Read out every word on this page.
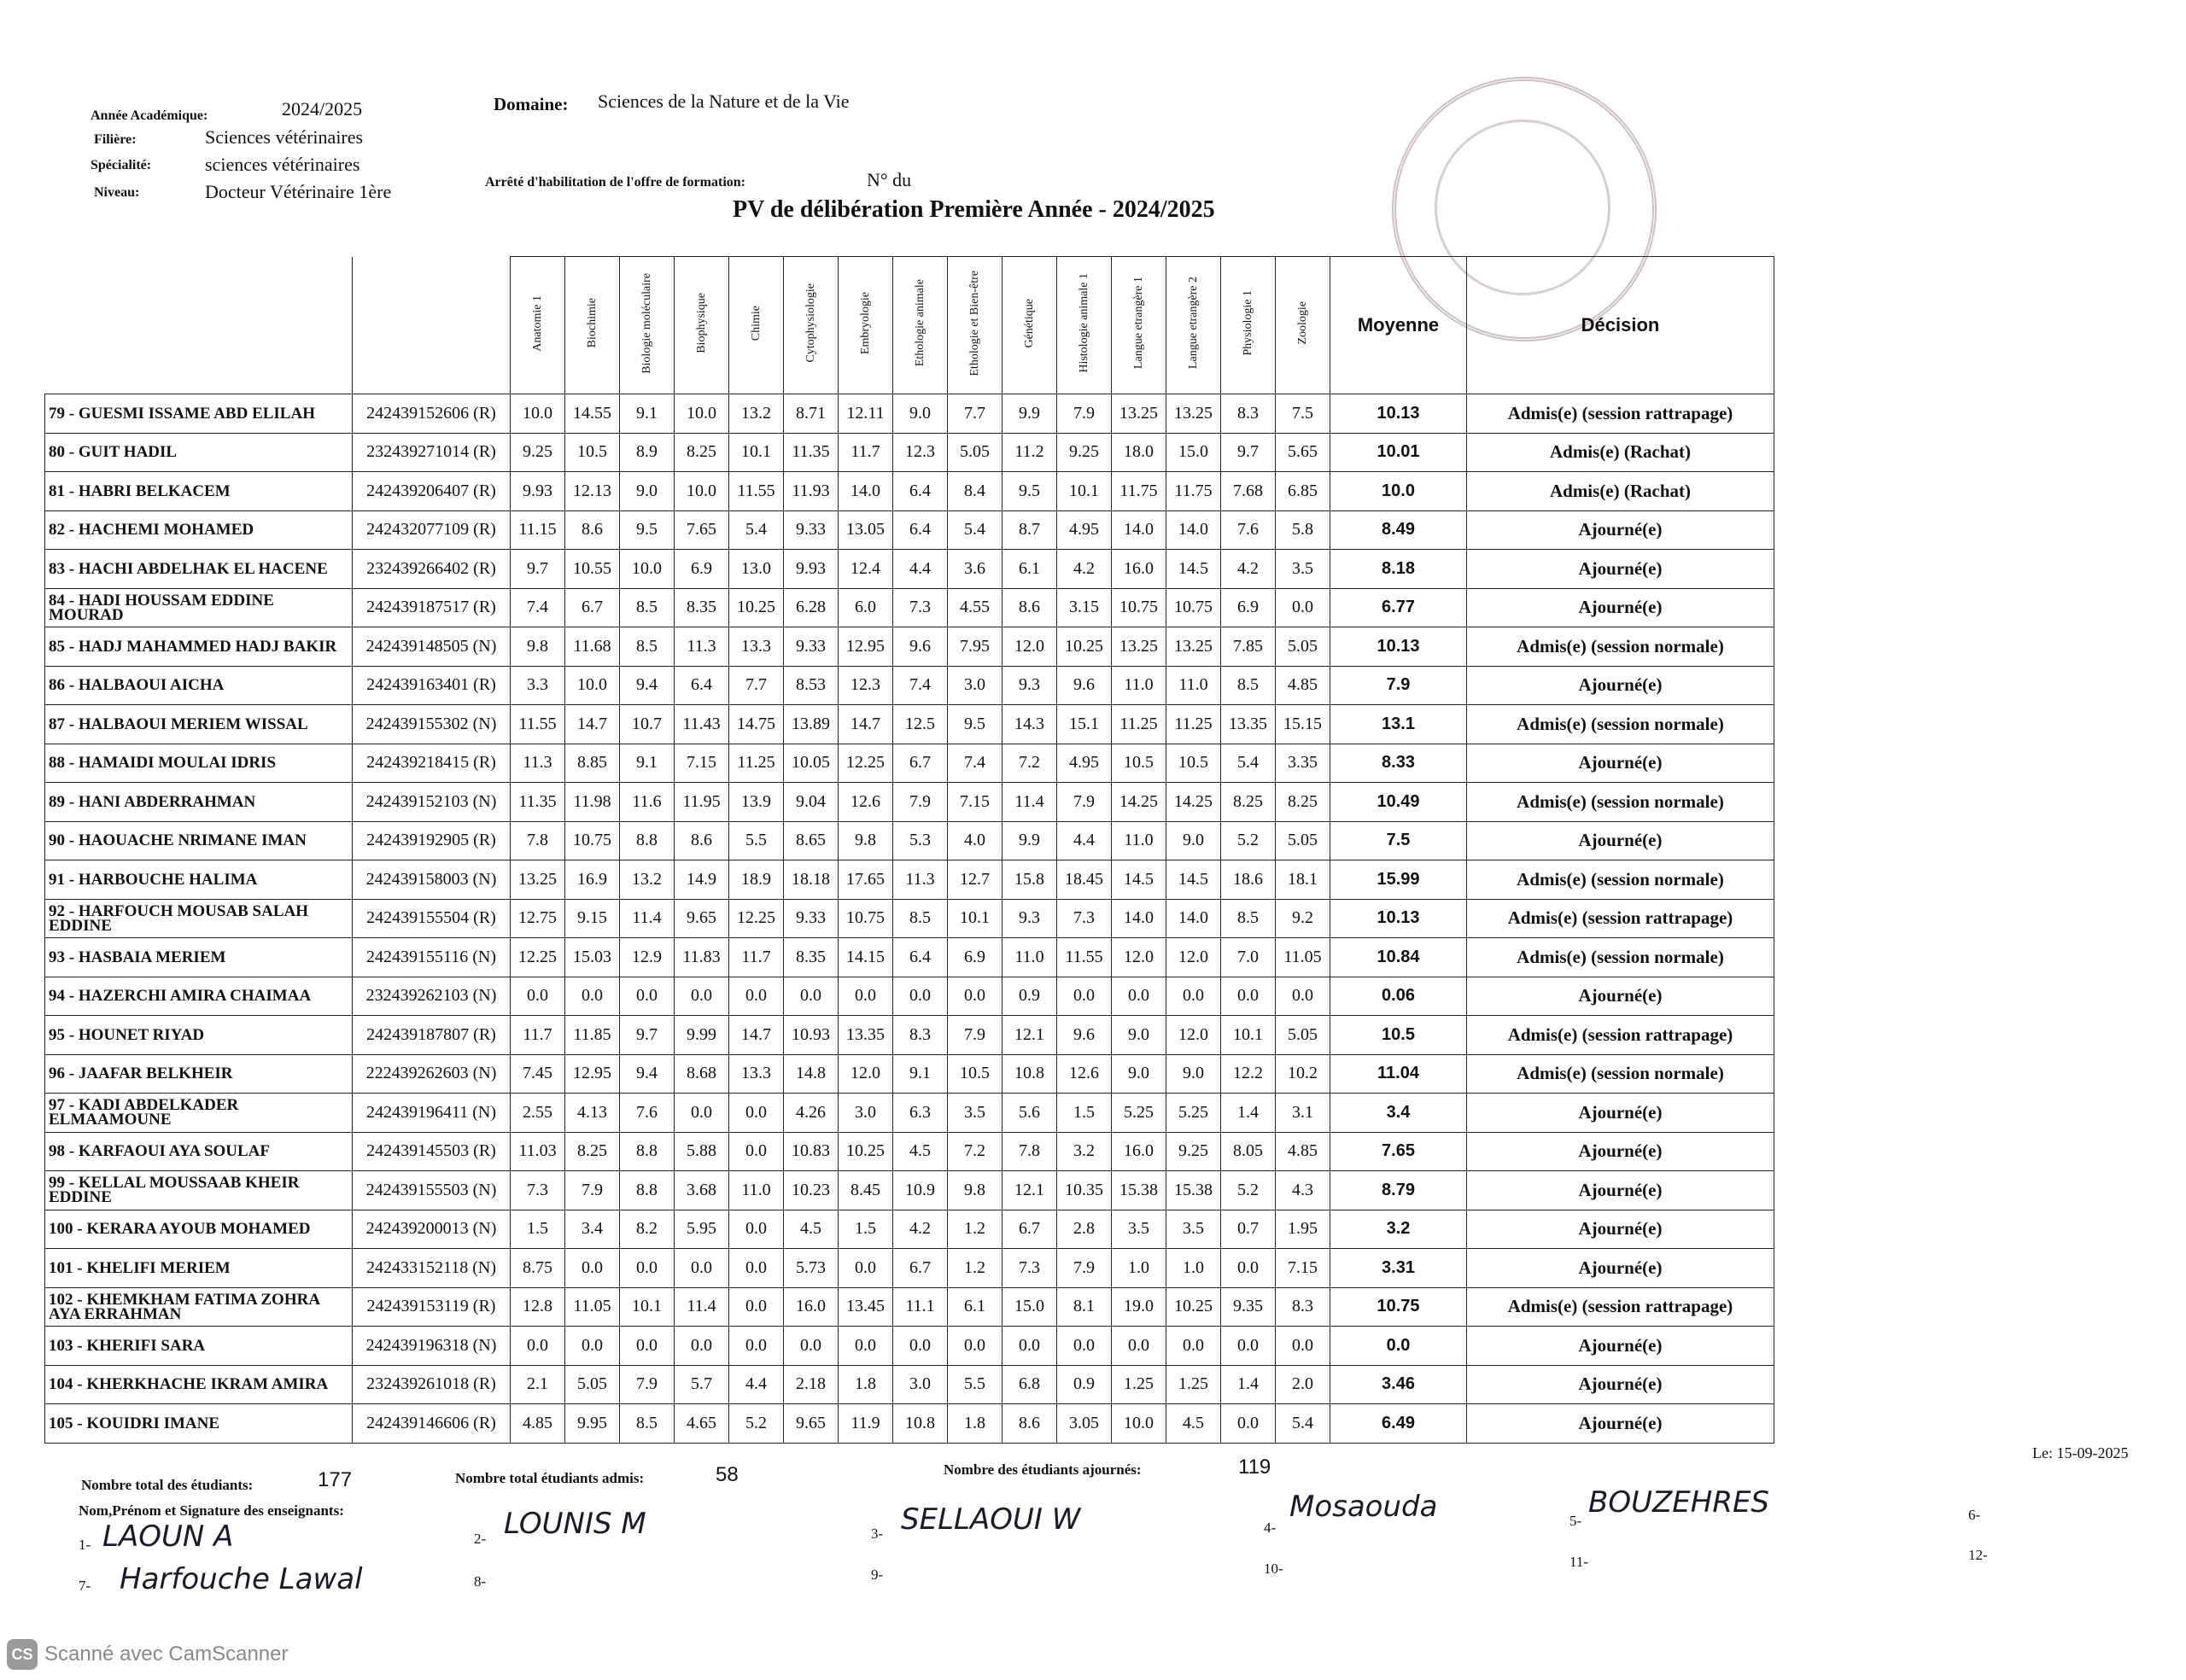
Année Académique:	2024/2025
Filière:	Sciences vétérinaires
Spécialité:	sciences vétérinaires
Niveau:	Docteur Vétérinaire 1ère
Domaine: Sciences de la Nature et de la Vie
Arrêté d'habilitation de l'offre de formation:	N° du
PV de délibération Première Année - 2024/2025
		Anatomie 1	Biochimie	Biologie moléculaire	Biophysique	Chimie	Cytophysiologie	Embryologie	Ethologie animale	Ethologie et Bien-être	Génétique	Histologie animale 1	Langue etrangère 1	Langue etrangère 2	Physiologie 1	Zoologie	Moyenne	Décision
79 - GUESMI ISSAME ABD ELILAH	242439152606 (R)	10.0	14.55	9.1	10.0	13.2	8.71	12.11	9.0	7.7	9.9	7.9	13.25	13.25	8.3	7.5	10.13	Admis(e) (session rattrapage)
80 - GUIT HADIL	232439271014 (R)	9.25	10.5	8.9	8.25	10.1	11.35	11.7	12.3	5.05	11.2	9.25	18.0	15.0	9.7	5.65	10.01	Admis(e) (Rachat)
81 - HABRI BELKACEM	242439206407 (R)	9.93	12.13	9.0	10.0	11.55	11.93	14.0	6.4	8.4	9.5	10.1	11.75	11.75	7.68	6.85	10.0	Admis(e) (Rachat)
82 - HACHEMI MOHAMED	242432077109 (R)	11.15	8.6	9.5	7.65	5.4	9.33	13.05	6.4	5.4	8.7	4.95	14.0	14.0	7.6	5.8	8.49	Ajourné(e)
83 - HACHI ABDELHAK EL HACENE	232439266402 (R)	9.7	10.55	10.0	6.9	13.0	9.93	12.4	4.4	3.6	6.1	4.2	16.0	14.5	4.2	3.5	8.18	Ajourné(e)
84 - HADI HOUSSAM EDDINE MOURAD	242439187517 (R)	7.4	6.7	8.5	8.35	10.25	6.28	6.0	7.3	4.55	8.6	3.15	10.75	10.75	6.9	0.0	6.77	Ajourné(e)
85 - HADJ MAHAMMED HADJ BAKIR	242439148505 (N)	9.8	11.68	8.5	11.3	13.3	9.33	12.95	9.6	7.95	12.0	10.25	13.25	13.25	7.85	5.05	10.13	Admis(e) (session normale)
86 - HALBAOUI AICHA	242439163401 (R)	3.3	10.0	9.4	6.4	7.7	8.53	12.3	7.4	3.0	9.3	9.6	11.0	11.0	8.5	4.85	7.9	Ajourné(e)
87 - HALBAOUI MERIEM WISSAL	242439155302 (N)	11.55	14.7	10.7	11.43	14.75	13.89	14.7	12.5	9.5	14.3	15.1	11.25	11.25	13.35	15.15	13.1	Admis(e) (session normale)
88 - HAMAIDI MOULAI IDRIS	242439218415 (R)	11.3	8.85	9.1	7.15	11.25	10.05	12.25	6.7	7.4	7.2	4.95	10.5	10.5	5.4	3.35	8.33	Ajourné(e)
89 - HANI ABDERRAHMAN	242439152103 (N)	11.35	11.98	11.6	11.95	13.9	9.04	12.6	7.9	7.15	11.4	7.9	14.25	14.25	8.25	8.25	10.49	Admis(e) (session normale)
90 - HAOUACHE NRIMANE IMAN	242439192905 (R)	7.8	10.75	8.8	8.6	5.5	8.65	9.8	5.3	4.0	9.9	4.4	11.0	9.0	5.2	5.05	7.5	Ajourné(e)
91 - HARBOUCHE HALIMA	242439158003 (N)	13.25	16.9	13.2	14.9	18.9	18.18	17.65	11.3	12.7	15.8	18.45	14.5	14.5	18.6	18.1	15.99	Admis(e) (session normale)
92 - HARFOUCH MOUSAB SALAH EDDINE	242439155504 (R)	12.75	9.15	11.4	9.65	12.25	9.33	10.75	8.5	10.1	9.3	7.3	14.0	14.0	8.5	9.2	10.13	Admis(e) (session rattrapage)
93 - HASBAIA MERIEM	242439155116 (N)	12.25	15.03	12.9	11.83	11.7	8.35	14.15	6.4	6.9	11.0	11.55	12.0	12.0	7.0	11.05	10.84	Admis(e) (session normale)
94 - HAZERCHI AMIRA CHAIMAA	232439262103 (N)	0.0	0.0	0.0	0.0	0.0	0.0	0.0	0.0	0.0	0.9	0.0	0.0	0.0	0.0	0.0	0.06	Ajourné(e)
95 - HOUNET RIYAD	242439187807 (R)	11.7	11.85	9.7	9.99	14.7	10.93	13.35	8.3	7.9	12.1	9.6	9.0	12.0	10.1	5.05	10.5	Admis(e) (session rattrapage)
96 - JAAFAR BELKHEIR	222439262603 (N)	7.45	12.95	9.4	8.68	13.3	14.8	12.0	9.1	10.5	10.8	12.6	9.0	9.0	12.2	10.2	11.04	Admis(e) (session normale)
97 - KADI ABDELKADER ELMAAMOUNE	242439196411 (N)	2.55	4.13	7.6	0.0	0.0	4.26	3.0	6.3	3.5	5.6	1.5	5.25	5.25	1.4	3.1	3.4	Ajourné(e)
98 - KARFAOUI AYA SOULAF	242439145503 (R)	11.03	8.25	8.8	5.88	0.0	10.83	10.25	4.5	7.2	7.8	3.2	16.0	9.25	8.05	4.85	7.65	Ajourné(e)
99 - KELLAL MOUSSAAB KHEIR EDDINE	242439155503 (N)	7.3	7.9	8.8	3.68	11.0	10.23	8.45	10.9	9.8	12.1	10.35	15.38	15.38	5.2	4.3	8.79	Ajourné(e)
100 - KERARA AYOUB MOHAMED	242439200013 (N)	1.5	3.4	8.2	5.95	0.0	4.5	1.5	4.2	1.2	6.7	2.8	3.5	3.5	0.7	1.95	3.2	Ajourné(e)
101 - KHELIFI MERIEM	242433152118 (N)	8.75	0.0	0.0	0.0	0.0	5.73	0.0	6.7	1.2	7.3	7.9	1.0	1.0	0.0	7.15	3.31	Ajourné(e)
102 - KHEMKHAM FATIMA ZOHRA AYA ERRAHMAN	242439153119 (R)	12.8	11.05	10.1	11.4	0.0	16.0	13.45	11.1	6.1	15.0	8.1	19.0	10.25	9.35	8.3	10.75	Admis(e) (session rattrapage)
103 - KHERIFI SARA	242439196318 (N)	0.0	0.0	0.0	0.0	0.0	0.0	0.0	0.0	0.0	0.0	0.0	0.0	0.0	0.0	0.0	0.0	Ajourné(e)
104 - KHERKHACHE IKRAM AMIRA	232439261018 (R)	2.1	5.05	7.9	5.7	4.4	2.18	1.8	3.0	5.5	6.8	0.9	1.25	1.25	1.4	2.0	3.46	Ajourné(e)
105 - KOUIDRI IMANE	242439146606 (R)	4.85	9.95	8.5	4.65	5.2	9.65	11.9	10.8	1.8	8.6	3.05	10.0	4.5	0.0	5.4	6.49	Ajourné(e)
Nombre total des étudiants:	177	Nombre total étudiants admis:	58	Nombre des étudiants ajournés:	119
Le: 15-09-2025
Nom,Prénom et Signature des enseignants:
1-	2-	3-	4-	5-	6-
7-	8-	9-	10-	11-	12-
LAOUN A	LOUNIS M	SELLAOUI W	Mosaouda	BOUZEHRES
Harfouche Lawal
CS Scanné avec CamScanner
